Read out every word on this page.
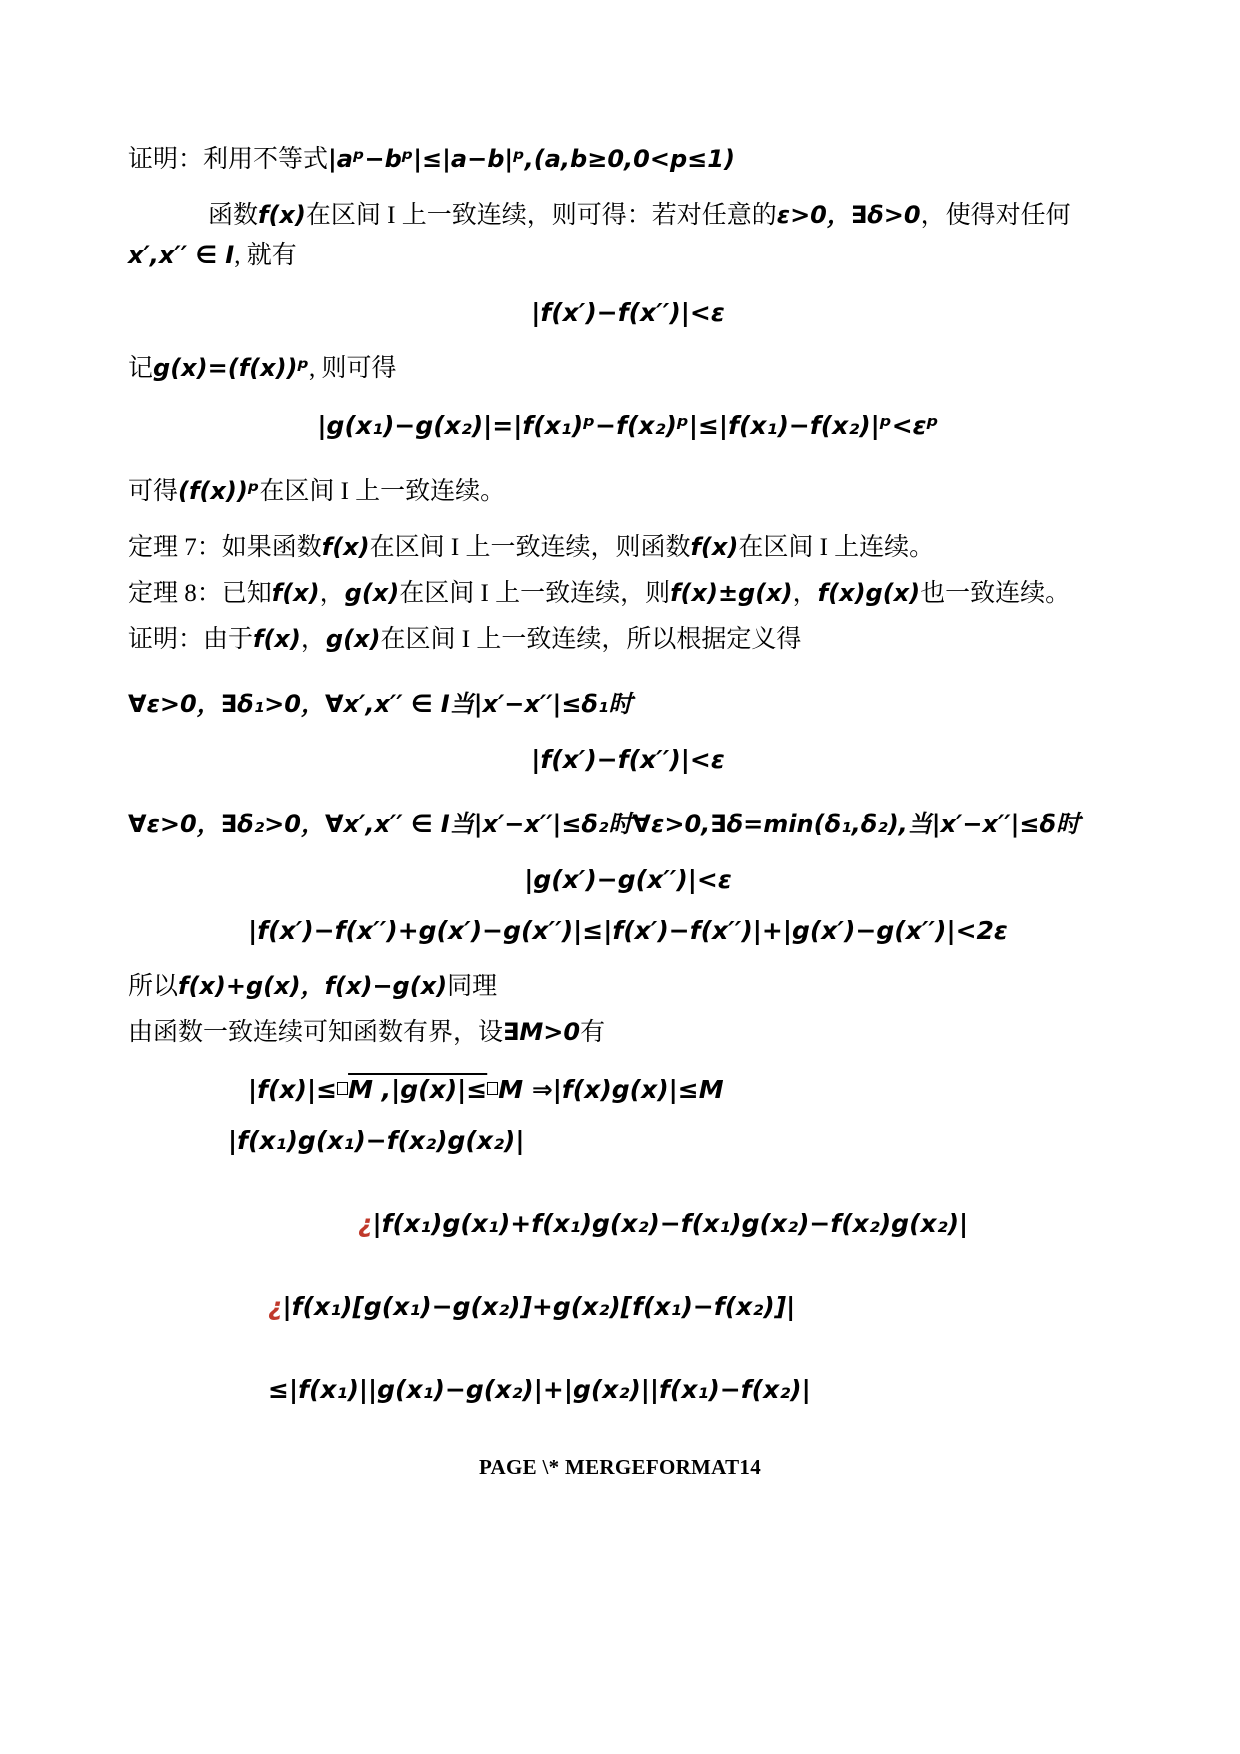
证明：利用不等式|aᵖ−bᵖ|≤|a−b|ᵖ,(a,b≥0,0<p≤1)

函数f(x)在区间 I 上一致连续，则可得：若对任意的ε>0，∃δ>0，使得对任何
x′,x′′ ∈ I, 就有

|f(x′)−f(x′′)|<ε

记g(x)=(f(x))ᵖ, 则可得

|g(x₁)−g(x₂)|=|f(x₁)ᵖ−f(x₂)ᵖ|≤|f(x₁)−f(x₂)|ᵖ<εᵖ

可得(f(x))ᵖ在区间 I 上一致连续。

定理 7：如果函数f(x)在区间 I 上一致连续，则函数f(x)在区间 I 上连续。

定理 8：已知f(x)，g(x)在区间 I 上一致连续，则f(x)±g(x)，f(x)g(x)也一致连续。

证明：由于f(x)，g(x)在区间 I 上一致连续，所以根据定义得

∀ε>0，∃δ₁>0，∀x′,x′′ ∈ I当|x′−x′′|≤δ₁时

|f(x′)−f(x′′)|<ε

∀ε>0，∃δ₂>0，∀x′,x′′ ∈ I当|x′−x′′|≤δ₂时∀ε>0,∃δ=min(δ₁,δ₂),当|x′−x′′|≤δ时

|g(x′)−g(x′′)|<ε
|f(x′)−f(x′′)+g(x′)−g(x′′)|≤|f(x′)−f(x′′)|+|g(x′)−g(x′′)|<2ε

所以f(x)+g(x)，f(x)−g(x)同理

由函数一致连续可知函数有界，设∃M>0有

|f(x)|≤ M ,|g(x)|≤ M ⇒|f(x)g(x)|≤M
|f(x₁)g(x₁)−f(x₂)g(x₂)|
¿|f(x₁)g(x₁)+f(x₁)g(x₂)−f(x₁)g(x₂)−f(x₂)g(x₂)|
¿|f(x₁)[g(x₁)−g(x₂)]+g(x₂)[f(x₁)−f(x₂)]|
≤|f(x₁)||g(x₁)−g(x₂)|+|g(x₂)||f(x₁)−f(x₂)|
PAGE \* MERGEFORMAT14
